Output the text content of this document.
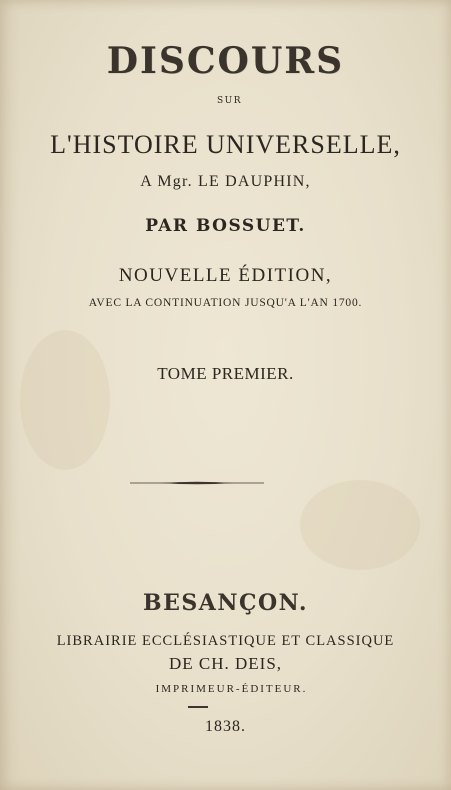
DISCOURS
SUR
L'HISTOIRE UNIVERSELLE,
A Mgr. LE DAUPHIN,
PAR BOSSUET.
NOUVELLE ÉDITION,
AVEC LA CONTINUATION JUSQU'A L'AN 1700.
TOME PREMIER.
BESANÇON.
LIBRAIRIE ECCLÉSIASTIQUE ET CLASSIQUE
DE CH. DEIS,
IMPRIMEUR-ÉDITEUR.
1838.
